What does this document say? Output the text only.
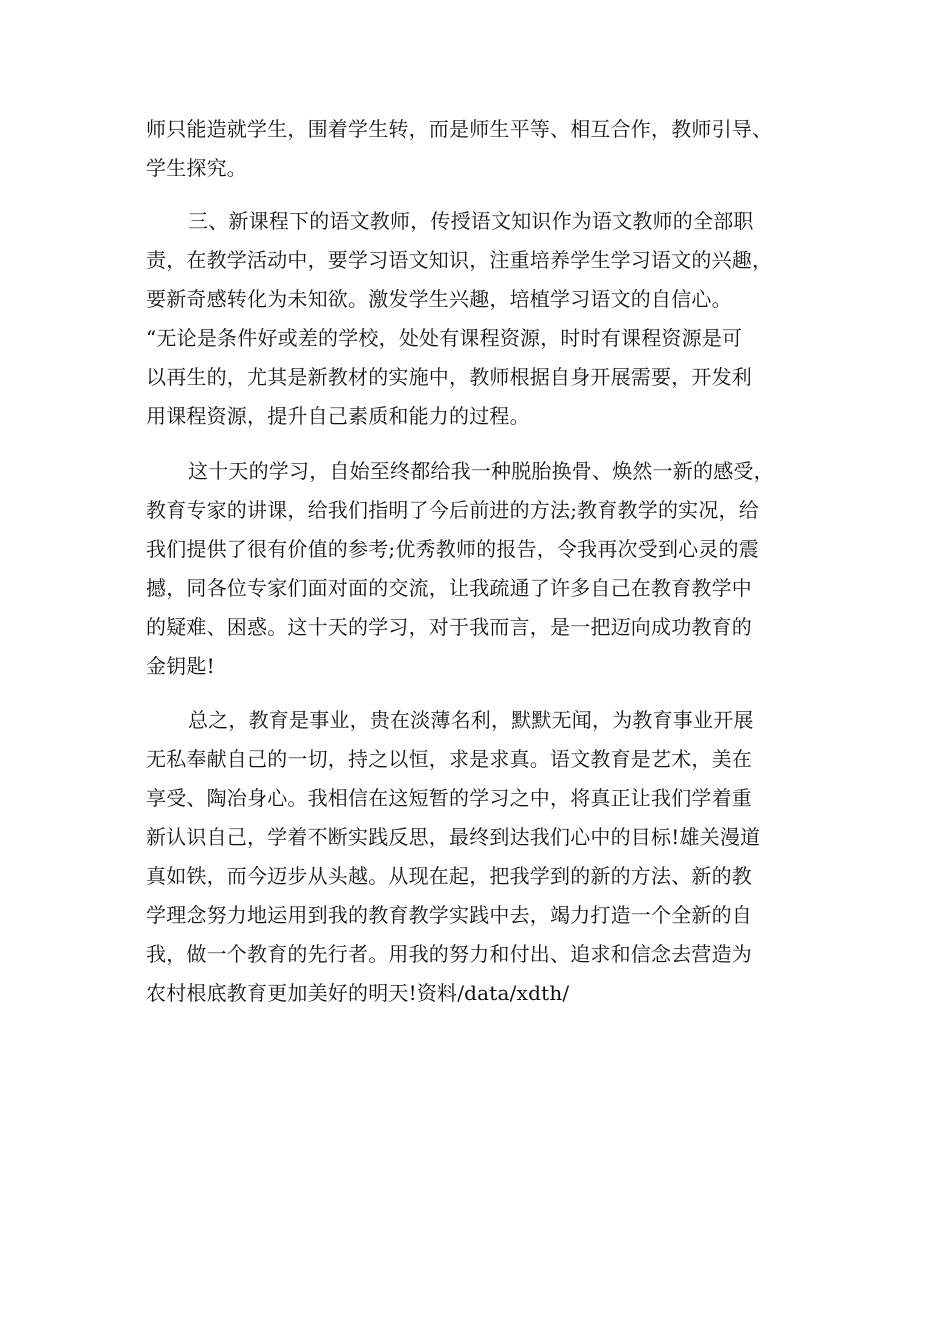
师只能造就学生，围着学生转，而是师生平等、相互合作，教师引导、
学生探究。
三、新课程下的语文教师，传授语文知识作为语文教师的全部职
责，在教学活动中，要学习语文知识，注重培养学生学习语文的兴趣，
要新奇感转化为未知欲。激发学生兴趣，培植学习语文的自信心。
“无论是条件好或差的学校，处处有课程资源，时时有课程资源是可
以再生的，尤其是新教材的实施中，教师根据自身开展需要，开发利
用课程资源，提升自己素质和能力的过程。
这十天的学习，自始至终都给我一种脱胎换骨、焕然一新的感受，
教育专家的讲课，给我们指明了今后前进的方法;教育教学的实况，给
我们提供了很有价值的参考;优秀教师的报告，令我再次受到心灵的震
撼，同各位专家们面对面的交流，让我疏通了许多自己在教育教学中
的疑难、困惑。这十天的学习，对于我而言，是一把迈向成功教育的
金钥匙!
总之，教育是事业，贵在淡薄名利，默默无闻，为教育事业开展
无私奉献自己的一切，持之以恒，求是求真。语文教育是艺术，美在
享受、陶冶身心。我相信在这短暂的学习之中，将真正让我们学着重
新认识自己，学着不断实践反思，最终到达我们心中的目标!雄关漫道
真如铁，而今迈步从头越。从现在起，把我学到的新的方法、新的教
学理念努力地运用到我的教育教学实践中去，竭力打造一个全新的自
我，做一个教育的先行者。用我的努力和付出、追求和信念去营造为
农村根底教育更加美好的明天!资料/data/xdth/
